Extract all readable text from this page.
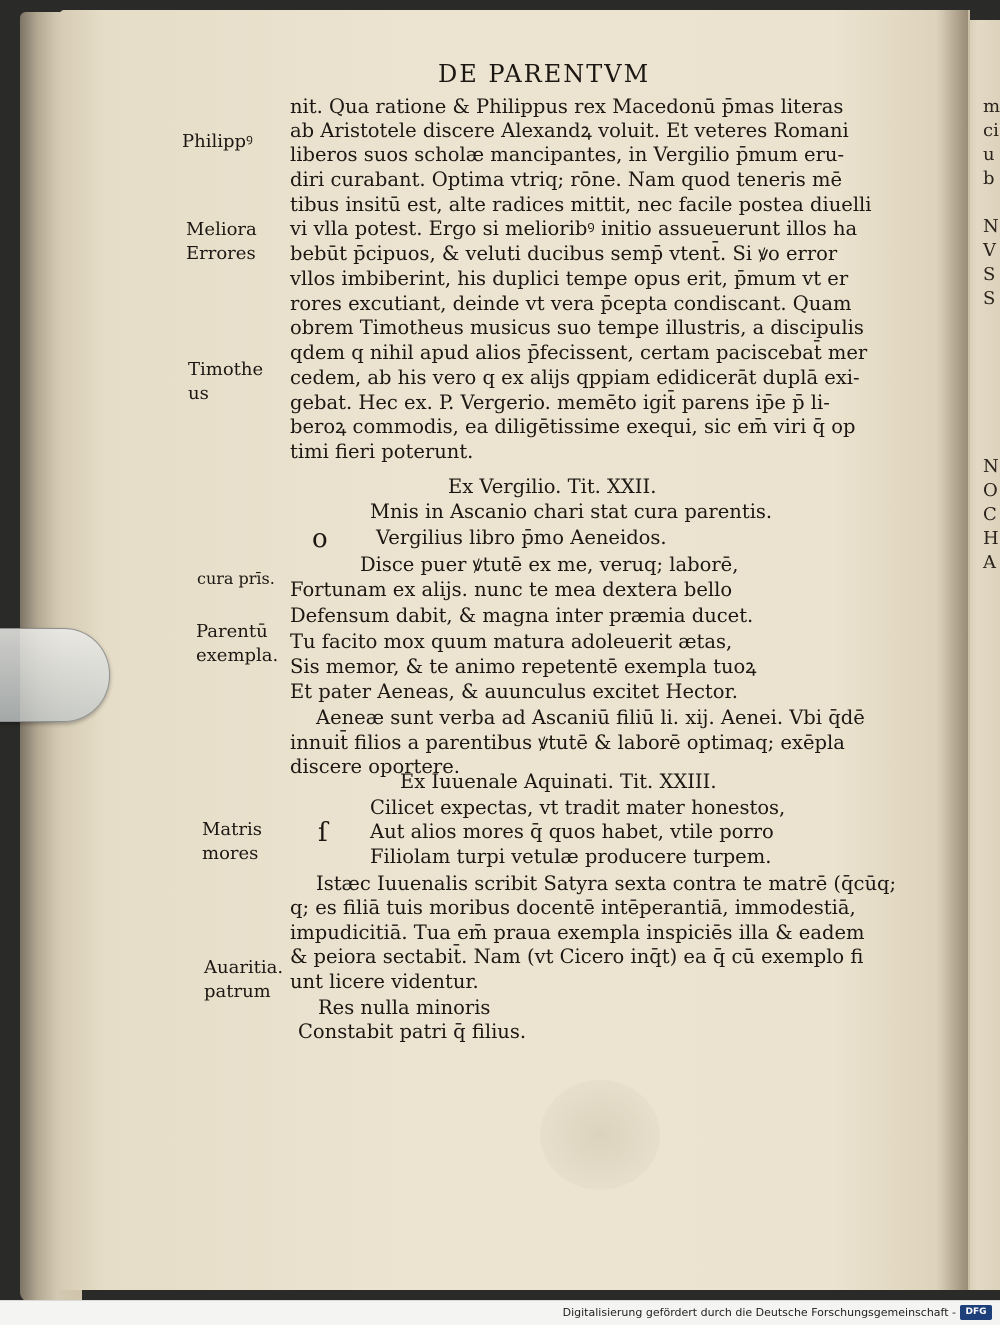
m
ci
u
b

N
V
S
S

N
O
C
H
A
DE PARENTVM
Philippꝰ
Meliora
Errores
Timothe
us
cura prīs.
Parentū
exempla.
Matris
mores
Auaritia.
patrum
nit. Qua ratione & Philippus rex Macedonū p̄mas literas
ab Aristotele discere Alexandꝝ voluit. Et veteres Romani
liberos suos scholæ mancipantes, in Vergilio p̄mum eru-
diri curabant. Optima vtriq; rōne. Nam quod teneris mē
tibus insitū est, alte radices mittit, nec facile postea diuelli
vi vlla potest. Ergo si melioribꝰ initio assueuerunt illos ha
bebūt p̄cipuos, & veluti ducibus semp̄ vtent̄. Si ꝟo error
vllos imbiberint, his duplici tempe opus erit, p̄mum vt er
rores excutiant, deinde vt vera p̄cepta condiscant. Quam
obrem Timotheus musicus suo tempe illustris, a discipulis
qdem q nihil apud alios p̄fecissent, certam paciscebat̄ mer
cedem, ab his vero q ex alijs qppiam edidicerāt duplā exi-
gebat. Hec ex. P. Vergerio. memēto igit̄ parens ip̄e p̄ li-
beroꝝ commodis, ea diligētissime exequi, sic em̄ viri q̄ op
timi fieri poterunt.
Ex Vergilio. Tit. XXII.
Mnis in Ascanio chari stat cura parentis.
o Vergilius libro p̄mo Aeneidos.
Disce puer ꝟtutē ex me, veruq; laborē,
Fortunam ex alijs. nunc te mea dextera bello
Defensum dabit, & magna inter præmia ducet.
Tu facito mox quum matura adoleuerit ætas,
Sis memor, & te animo repetentē exempla tuoꝝ
Et pater Aeneas, & auunculus excitet Hector.
Aeneæ sunt verba ad Ascaniū filiū li. xij. Aenei. Vbi q̄dē
innuit̄ filios a parentibus ꝟtutē & laborē optimaq; exēpla
discere oportere.
Ex Iuuenale Aquinati. Tit. XXIII.
Cilicet expectas, vt tradit mater honestos,
ſ Aut alios mores q̄ quos habet, vtile porro
Filiolam turpi vetulæ producere turpem.
Istæc Iuuenalis scribit Satyra sexta contra te matrē (q̄cūq;
q; es filiā tuis moribus docentē intēperantiā, immodestiā,
impudicitiā. Tua em̄ praua exempla inspiciēs illa & eadem
& peiora sectabit̄. Nam (vt Cicero inq̄t) ea q̄ cū exemplo fi
unt licere videntur.
Res nulla minoris
Constabit patri q̄ filius.
Digitalisierung gefördert durch die Deutsche Forschungsgemeinschaft -	DFG
